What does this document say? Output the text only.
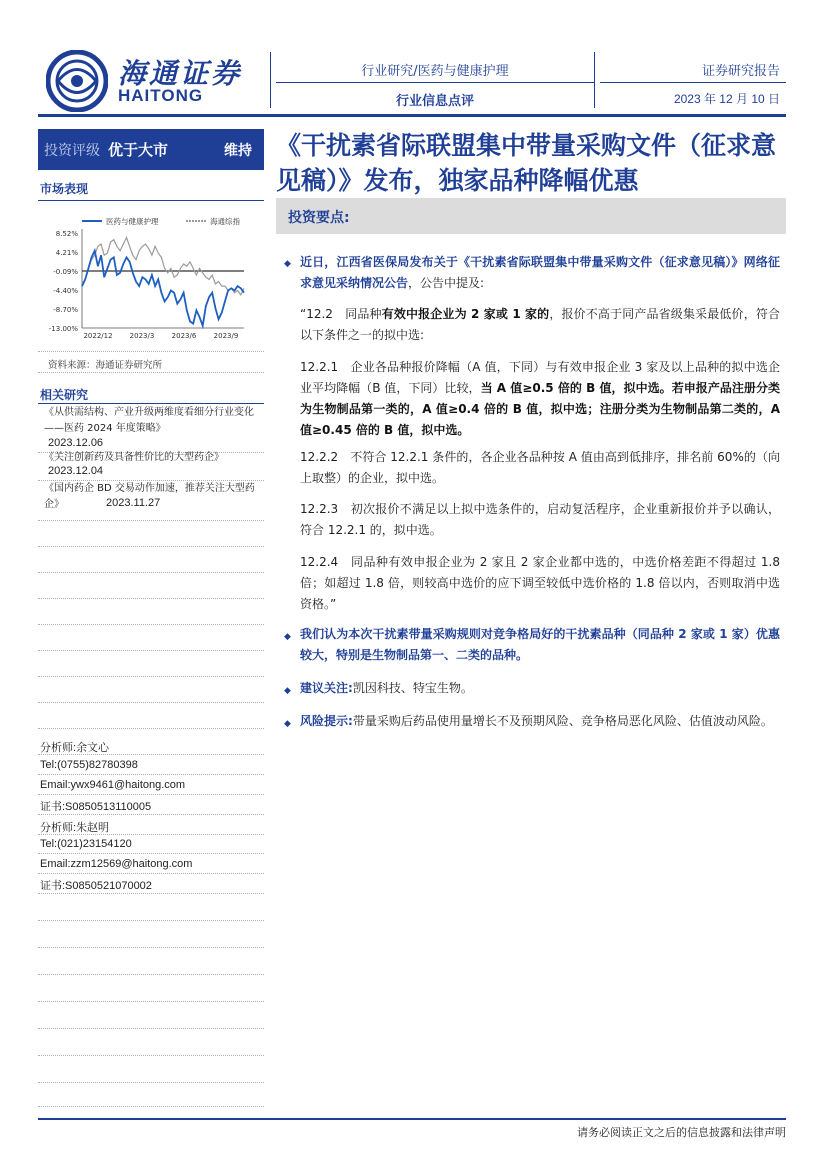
海通证券
HAITONG
行业研究/医药与健康护理
行业信息点评
证券研究报告
2023 年 12 月 10 日
投资评级 优于大市	维持 《干扰素省际联盟集中带量采购文件（征求意见稿）》发布，独家品种降幅优惠
投资要点:
市场表现
医药与健康护理	海通综指
8.52%
4.21%
-0.09%
-4.40%
-8.70%
-13.00%
2022/12 2023/3 2023/6 2023/9
资料来源：海通证券研究所
相关研究
《从供需结构、产业升级两维度看细分行业变化 ——医药 2024 年度策略》
2023.12.06
《关注创新药及具备性价比的大型药企》
2023.12.04
《国内药企 BD 交易动作加速，推荐关注大型药企》	2023.11.27
分析师:余文心
Tel:(0755)82780398
Email:ywx9461@haitong.com
证书:S0850513110005
分析师:朱赵明
Tel:(021)23154120
Email:zzm12569@haitong.com
证书:S0850521070002
◆ 近日，江西省医保局发布关于《干扰素省际联盟集中带量采购文件（征求意见稿）》网络征求意见采纳情况公告，公告中提及:
“12.2　同品种有效中报企业为 2 家或 1 家的，报价不高于同产品省级集采最低价，符合以下条件之一的拟中选:
12.2.1　企业各品种报价降幅（A 值，下同）与有效申报企业 3 家及以上品种的拟中选企业平均降幅（B 值，下同）比较，当 A 值≥0.5 倍的 B 值，拟中选。若申报产品注册分类为生物制品第一类的，A 值≥0.4 倍的 B 值，拟中选；注册分类为生物制品第二类的，A 值≥0.45 倍的 B 值，拟中选。
12.2.2　不符合 12.2.1 条件的，各企业各品种按 A 值由高到低排序，排名前 60%的（向上取整）的企业，拟中选。
12.2.3　初次报价不满足以上拟中选条件的，启动复活程序，企业重新报价并予以确认，符合 12.2.1 的，拟中选。
12.2.4　同品种有效申报企业为 2 家且 2 家企业都中选的，中选价格差距不得超过 1.8 倍；如超过 1.8 倍，则较高中选价的应下调至较低中选价格的 1.8 倍以内，否则取消中选资格。”
◆ 我们认为本次干扰素带量采购规则对竞争格局好的干扰素品种（同品种 2 家或 1 家）优惠较大，特别是生物制品第一、二类的品种。
◆ 建议关注:凯因科技、特宝生物。
◆ 风险提示:带量采购后药品使用量增长不及预期风险、竞争格局恶化风险、估值波动风险。
请务必阅读正文之后的信息披露和法律声明
